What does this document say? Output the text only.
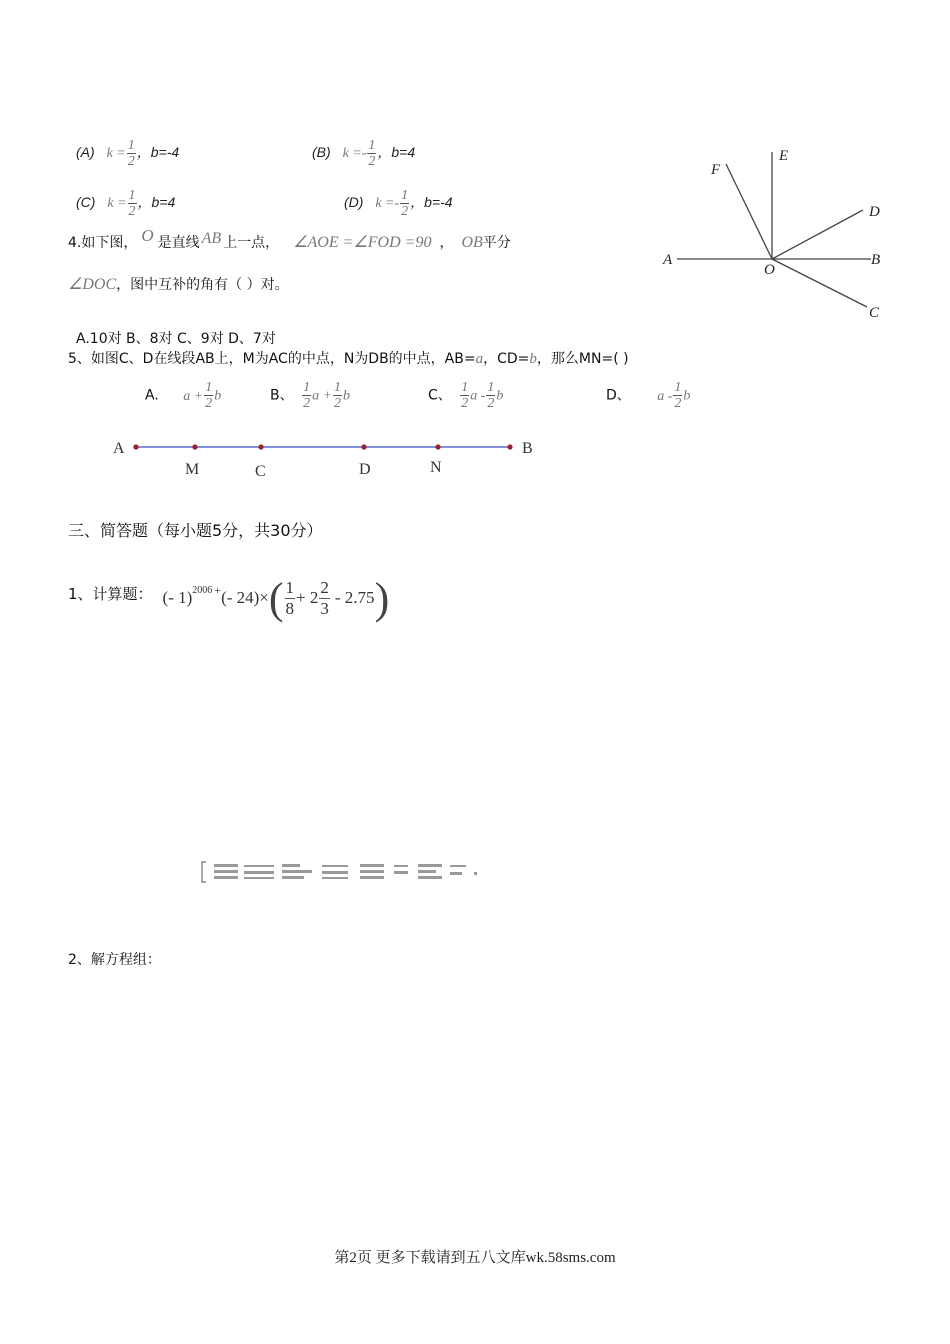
(A) $k = \frac{1}{2}$ ，b=-4	(B) $k =- \frac{1}{2}$ ，b=4
(C) $k = \frac{1}{2}$ ，b=4	(D) $k =- \frac{1}{2}$ ，b=-4
4.如下图， O 是直线 AB 上一点， ∠AOE =∠FOD =90 ， OB平分
∠DOC，图中互补的角有（ ）对。
A.10对 B、8对 C、9对 D、7对
A
O
B
C
D
E
F
5、如图C、D在线段AB上，M为AC的中点，N为DB的中点，AB=a，CD=b，那么MN=( )
A. $a + \frac{1}{2}$ b	B、 $\frac{1}{2}$ $a + \frac{1}{2}$ b	C、 $\frac{1}{2}$ a - $\frac{1}{2}$ b	D、 a - $\frac{1}{2}$ b
A
M	C	D	N
B
三、简答题（每小题5分，共30分）
1、计算题： (- 1)$^{2006+}$ (- 24)× ( 1
8
+ 2
2
3
- 2.75 )
2、解方程组：
第2页 更多下载请到五八文库wk.58sms.com
